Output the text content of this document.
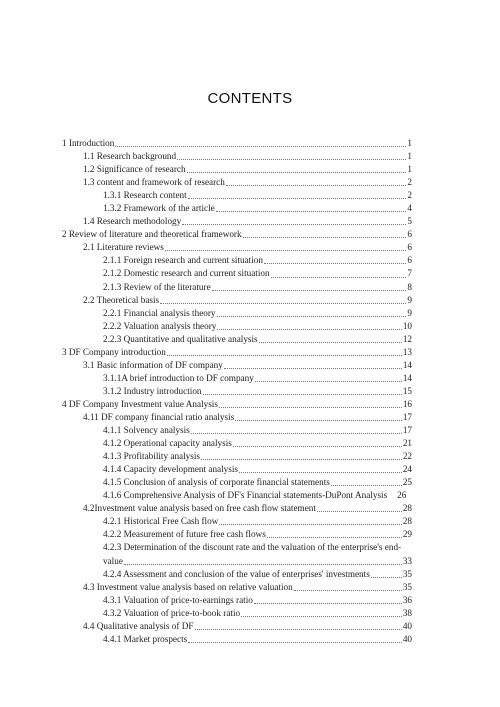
CONTENTS
1 Introduction	1
1.1 Research background	1
1.2 Significance of research	1
1.3 content and framework of research	2
1.3.1 Research content	2
1.3.2 Framework of the article	4
1.4 Research methodology	5
2 Review of literature and theoretical framework	6
2.1 Literature reviews	6
2.1.1 Foreign research and current situation	6
2.1.2 Domestic research and current situation	7
2.1.3 Review of the literature	8
2.2 Theoretical basis	9
2.2.1 Financial analysis theory	9
2.2.2 Valuation analysis theory	10
2.2.3 Quantitative and qualitative analysis	12
3 DF Company introduction	13
3.1 Basic information of DF company	14
3.1.1A brief introduction to DF company	14
3.1.2 Industry introduction	15
4 DF Company Investment value Analysis	16
4.11 DF company financial ratio analysis	17
4.1.1 Solvency analysis	17
4.1.2 Operational capacity analysis	21
4.1.3 Profitability analysis	22
4.1.4 Capacity development analysis	24
4.1.5 Conclusion of analysis of corporate financial statements	25
4.1.6 Comprehensive Analysis of DF's Financial statements-DuPont Analysis 26
4.2Investment value analysis based on free cash flow statement	28
4.2.1 Historical Free Cash flow	28
4.2.2 Measurement of future free cash flows	29
4.2.3 Determination of the discount rate and the valuation of the enterprise's end-
value	33
4.2.4 Assessment and conclusion of the value of enterprises' investments	35
4.3 Investment value analysis based on relative valuation	35
4.3.1 Valuation of price-to-earnings ratio	36
4.3.2 Valuation of price-to-book ratio	38
4.4 Qualitative analysis of DF	40
4.4.1 Market prospects	40
